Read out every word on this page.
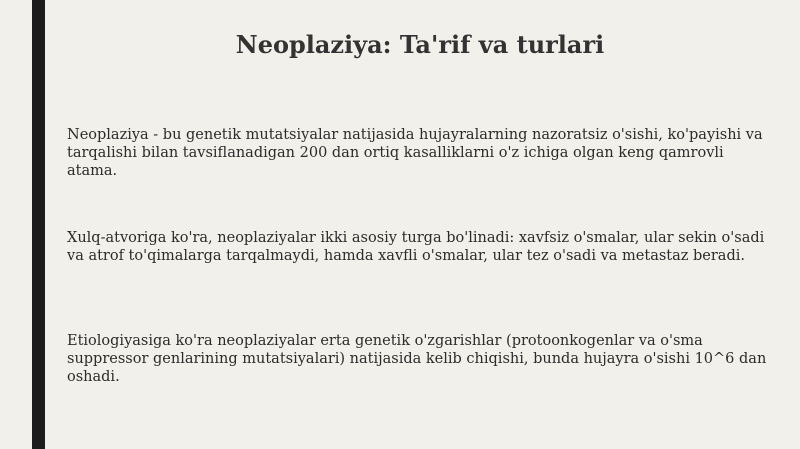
Neoplaziya: Ta'rif va turlari

Neoplaziya - bu genetik mutatsiyalar natijasida hujayralarning nazoratsiz o'sishi, ko'payishi va tarqalishi bilan tavsiflanadigan 200 dan ortiq kasalliklarni o'z ichiga olgan keng qamrovli atama.

Xulq-atvoriga ko'ra, neoplaziyalar ikki asosiy turga bo'linadi: xavfsiz o'smalar, ular sekin o'sadi va atrof to'qimalarga tarqalmaydi, hamda xavfli o'smalar, ular tez o'sadi va metastaz beradi.

Etiologiyasiga ko'ra neoplaziyalar erta genetik o'zgarishlar (protoonkogenlar va o'sma suppressor genlarining mutatsiyalari) natijasida kelib chiqishi, bunda hujayra o'sishi 10^6 dan oshadi.
